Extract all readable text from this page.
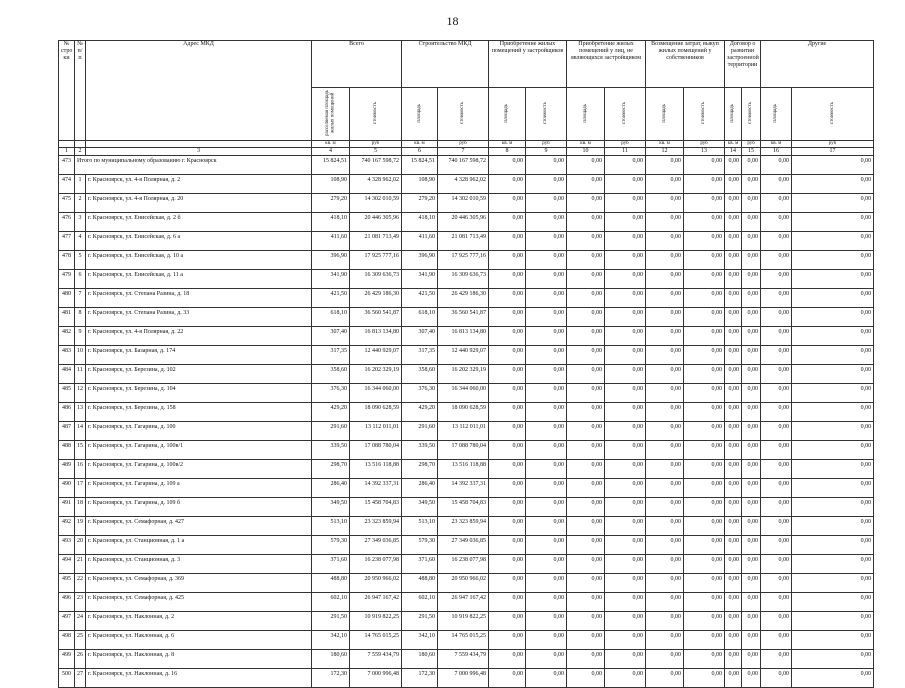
18
№ стро ки	№ п/п	Адрес МКД	Всего		Строительство МКД		Приобретение жилых помещений у застройщиков		Приобретение жилых помещений у лиц, не являющихся застройщиком		Возмещение затрат, выкуп жилых помещений у собственников		Договор о развитии застроенной территории		Другие	
			расселяемая площадь жилых помещений	стоимость	площадь	стоимость	площадь	стоимость	площадь	стоимость	площадь	стоимость	площадь	стоимость	площадь	стоимость
			кв. м	руб	кв. м	руб	кв. м	руб	кв. м	руб	кв. м	руб	кв. м	руб	кв. м	руб
1	2	3	4	5	6	7	8	9	10	11	12	13	14	15	16	17
473	Итого по муниципальному образованию г. Красноярск		15 824,51	740 167 598,72	15 824,51	740 167 598,72	0,00	0,00	0,00	0,00	0,00	0,00	0,00	0,00	0,00	0,00
474	1	г. Красноярск, ул. 4-я Полярная, д. 2	108,90	4 328 962,02	108,90	4 328 962,02	0,00	0,00	0,00	0,00	0,00	0,00	0,00	0,00	0,00	0,00
475	2	г. Красноярск, ул. 4-я Полярная, д. 20	279,20	14 302 010,59	279,20	14 302 010,59	0,00	0,00	0,00	0,00	0,00	0,00	0,00	0,00	0,00	0,00
476	3	г. Красноярск, ул. Енисейская, д. 2 б	418,10	20 446 305,96	418,10	20 446 305,96	0,00	0,00	0,00	0,00	0,00	0,00	0,00	0,00	0,00	0,00
477	4	г. Красноярск, ул. Енисейская, д. 6 а	411,60	21 081 713,49	411,60	21 081 713,49	0,00	0,00	0,00	0,00	0,00	0,00	0,00	0,00	0,00	0,00
478	5	г. Красноярск, ул. Енисейская, д. 10 а	396,90	17 925 777,16	396,90	17 925 777,16	0,00	0,00	0,00	0,00	0,00	0,00	0,00	0,00	0,00	0,00
479	6	г. Красноярск, ул. Енисейская, д. 11 а	341,90	16 309 636,73	341,90	16 309 636,73	0,00	0,00	0,00	0,00	0,00	0,00	0,00	0,00	0,00	0,00
480	7	г. Красноярск, ул. Степана Разина, д. 18	421,50	26 429 186,30	421,50	26 429 186,30	0,00	0,00	0,00	0,00	0,00	0,00	0,00	0,00	0,00	0,00
481	8	г. Красноярск, ул. Степана Разина, д. 33	618,10	36 560 541,87	618,10	36 560 541,87	0,00	0,00	0,00	0,00	0,00	0,00	0,00	0,00	0,00	0,00
482	9	г. Красноярск, ул. 4-я Полярная, д. 22	307,40	16 813 134,80	307,40	16 813 134,80	0,00	0,00	0,00	0,00	0,00	0,00	0,00	0,00	0,00	0,00
483	10	г. Красноярск, ул. Базарная, д. 174	317,35	12 440 929,07	317,35	12 440 929,07	0,00	0,00	0,00	0,00	0,00	0,00	0,00	0,00	0,00	0,00
484	11	г. Красноярск, ул. Березина, д. 102	358,60	16 202 329,19	358,60	16 202 329,19	0,00	0,00	0,00	0,00	0,00	0,00	0,00	0,00	0,00	0,00
485	12	г. Красноярск, ул. Березина, д. 104	376,30	16 344 060,00	376,30	16 344 060,00	0,00	0,00	0,00	0,00	0,00	0,00	0,00	0,00	0,00	0,00
486	13	г. Красноярск, ул. Березина, д. 158	429,20	18 090 628,59	429,20	18 090 628,59	0,00	0,00	0,00	0,00	0,00	0,00	0,00	0,00	0,00	0,00
487	14	г. Красноярск, ул. Гагарина, д. 100	291,60	13 112 011,01	291,60	13 112 011,01	0,00	0,00	0,00	0,00	0,00	0,00	0,00	0,00	0,00	0,00
488	15	г. Красноярск, ул. Гагарина, д. 100в/1	339,50	17 088 780,04	339,50	17 088 780,04	0,00	0,00	0,00	0,00	0,00	0,00	0,00	0,00	0,00	0,00
489	16	г. Красноярск, ул. Гагарина, д. 100в/2	298,70	13 516 118,88	298,70	13 516 118,88	0,00	0,00	0,00	0,00	0,00	0,00	0,00	0,00	0,00	0,00
490	17	г. Красноярск, ул. Гагарина, д. 109 а	286,40	14 392 337,31	286,40	14 392 337,31	0,00	0,00	0,00	0,00	0,00	0,00	0,00	0,00	0,00	0,00
491	18	г. Красноярск, ул. Гагарина, д. 109 б	349,50	15 458 704,83	349,50	15 458 704,83	0,00	0,00	0,00	0,00	0,00	0,00	0,00	0,00	0,00	0,00
492	19	г. Красноярск, ул. Семафорная, д. 427	513,10	23 323 859,94	513,10	23 323 859,94	0,00	0,00	0,00	0,00	0,00	0,00	0,00	0,00	0,00	0,00
493	20	г. Красноярск, ул. Станционная, д. 1 а	579,30	27 349 036,85	579,30	27 349 036,85	0,00	0,00	0,00	0,00	0,00	0,00	0,00	0,00	0,00	0,00
494	21	г. Красноярск, ул. Станционная, д. 3	371,60	16 238 077,98	371,60	16 238 077,98	0,00	0,00	0,00	0,00	0,00	0,00	0,00	0,00	0,00	0,00
495	22	г. Красноярск, ул. Семафорная, д. 369	488,80	20 950 966,02	488,80	20 950 966,02	0,00	0,00	0,00	0,00	0,00	0,00	0,00	0,00	0,00	0,00
496	23	г. Красноярск, ул. Семафорная, д. 425	602,10	26 947 167,42	602,10	26 947 167,42	0,00	0,00	0,00	0,00	0,00	0,00	0,00	0,00	0,00	0,00
497	24	г. Красноярск, ул. Наклонная, д. 2	291,50	10 919 822,25	291,50	10 919 822,25	0,00	0,00	0,00	0,00	0,00	0,00	0,00	0,00	0,00	0,00
498	25	г. Красноярск, ул. Наклонная, д. 6	342,10	14 765 015,25	342,10	14 765 015,25	0,00	0,00	0,00	0,00	0,00	0,00	0,00	0,00	0,00	0,00
499	26	г. Красноярск, ул. Наклонная, д. 8	180,60	7 559 434,79	180,60	7 559 434,79	0,00	0,00	0,00	0,00	0,00	0,00	0,00	0,00	0,00	0,00
500	27	г. Красноярск, ул. Наклонная, д. 16	172,30	7 000 996,48	172,30	7 000 996,48	0,00	0,00	0,00	0,00	0,00	0,00	0,00	0,00	0,00	0,00
